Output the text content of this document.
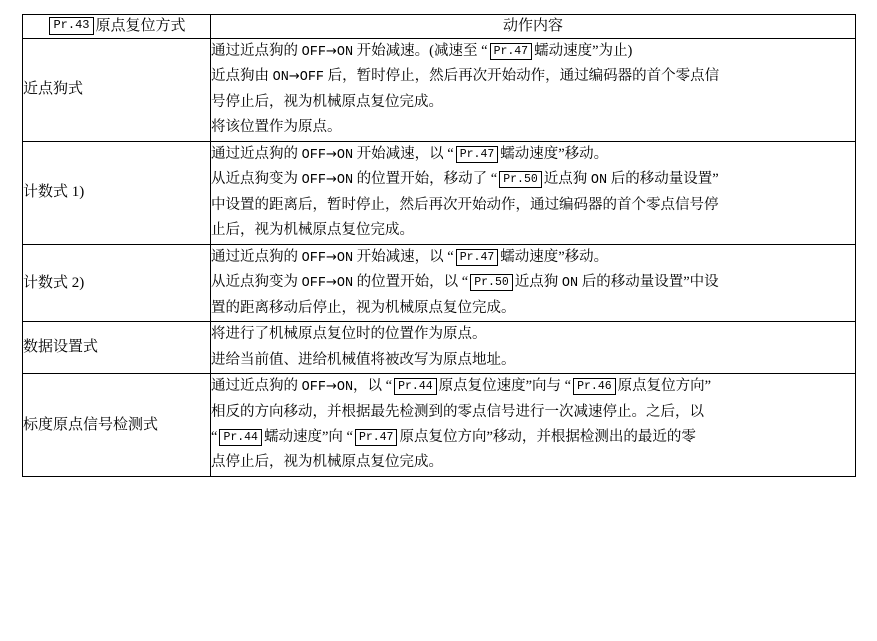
Pr.43 原点复位方式	动作内容
近点狗式	通过近点狗的 OFF→ON 开始减速。(减速至 “ Pr.47 蠕动速度”为止)

近点狗由 ON→OFF 后，暂时停止，然后再次开始动作，通过编码器的首个零点信

号停止后，视为机械原点复位完成。

将该位置作为原点。

计数式 1)	通过近点狗的 OFF→ON 开始减速，以 “ Pr.47 蠕动速度”移动。

从近点狗变为 OFF→ON 的位置开始，移动了 “ Pr.50 近点狗 ON 后的移动量设置”

中设置的距离后，暂时停止，然后再次开始动作，通过编码器的首个零点信号停

止后，视为机械原点复位完成。

计数式 2)	通过近点狗的 OFF→ON 开始减速，以 “ Pr.47 蠕动速度”移动。

从近点狗变为 OFF→ON 的位置开始，以 “ Pr.50 近点狗 ON 后的移动量设置”中设

置的距离移动后停止，视为机械原点复位完成。

数据设置式	将进行了机械原点复位时的位置作为原点。

进给当前值、进给机械值将被改写为原点地址。

标度原点信号检测式	通过近点狗的 OFF→ON，以 “ Pr.44 原点复位速度”向与 “ Pr.46 原点复位方向”

相反的方向移动，并根据最先检测到的零点信号进行一次减速停止。之后，以

“ Pr.44 蠕动速度”向 “ Pr.47 原点复位方向”移动，并根据检测出的最近的零

点停止后，视为机械原点复位完成。
